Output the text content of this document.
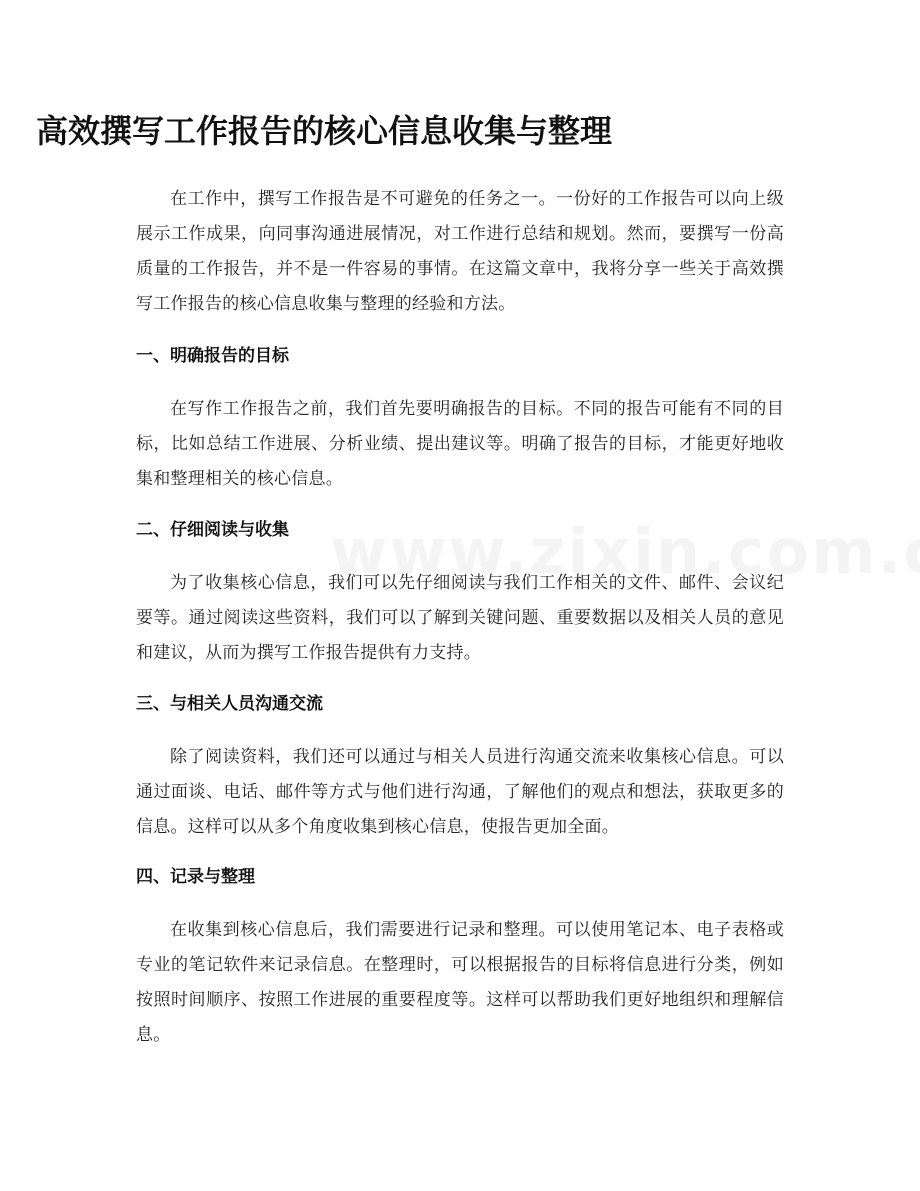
高效撰写工作报告的核心信息收集与整理

在工作中，撰写工作报告是不可避免的任务之一。一份好的工作报告可以向上级展示工作成果，向同事沟通进展情况，对工作进行总结和规划。然而，要撰写一份高质量的工作报告，并不是一件容易的事情。在这篇文章中，我将分享一些关于高效撰写工作报告的核心信息收集与整理的经验和方法。

一、明确报告的目标

在写作工作报告之前，我们首先要明确报告的目标。不同的报告可能有不同的目标，比如总结工作进展、分析业绩、提出建议等。明确了报告的目标，才能更好地收集和整理相关的核心信息。

二、仔细阅读与收集

为了收集核心信息，我们可以先仔细阅读与我们工作相关的文件、邮件、会议纪要等。通过阅读这些资料，我们可以了解到关键问题、重要数据以及相关人员的意见和建议，从而为撰写工作报告提供有力支持。

三、与相关人员沟通交流

除了阅读资料，我们还可以通过与相关人员进行沟通交流来收集核心信息。可以通过面谈、电话、邮件等方式与他们进行沟通，了解他们的观点和想法，获取更多的信息。这样可以从多个角度收集到核心信息，使报告更加全面。

四、记录与整理

在收集到核心信息后，我们需要进行记录和整理。可以使用笔记本、电子表格或专业的笔记软件来记录信息。在整理时，可以根据报告的目标将信息进行分类，例如按照时间顺序、按照工作进展的重要程度等。这样可以帮助我们更好地组织和理解信息。
